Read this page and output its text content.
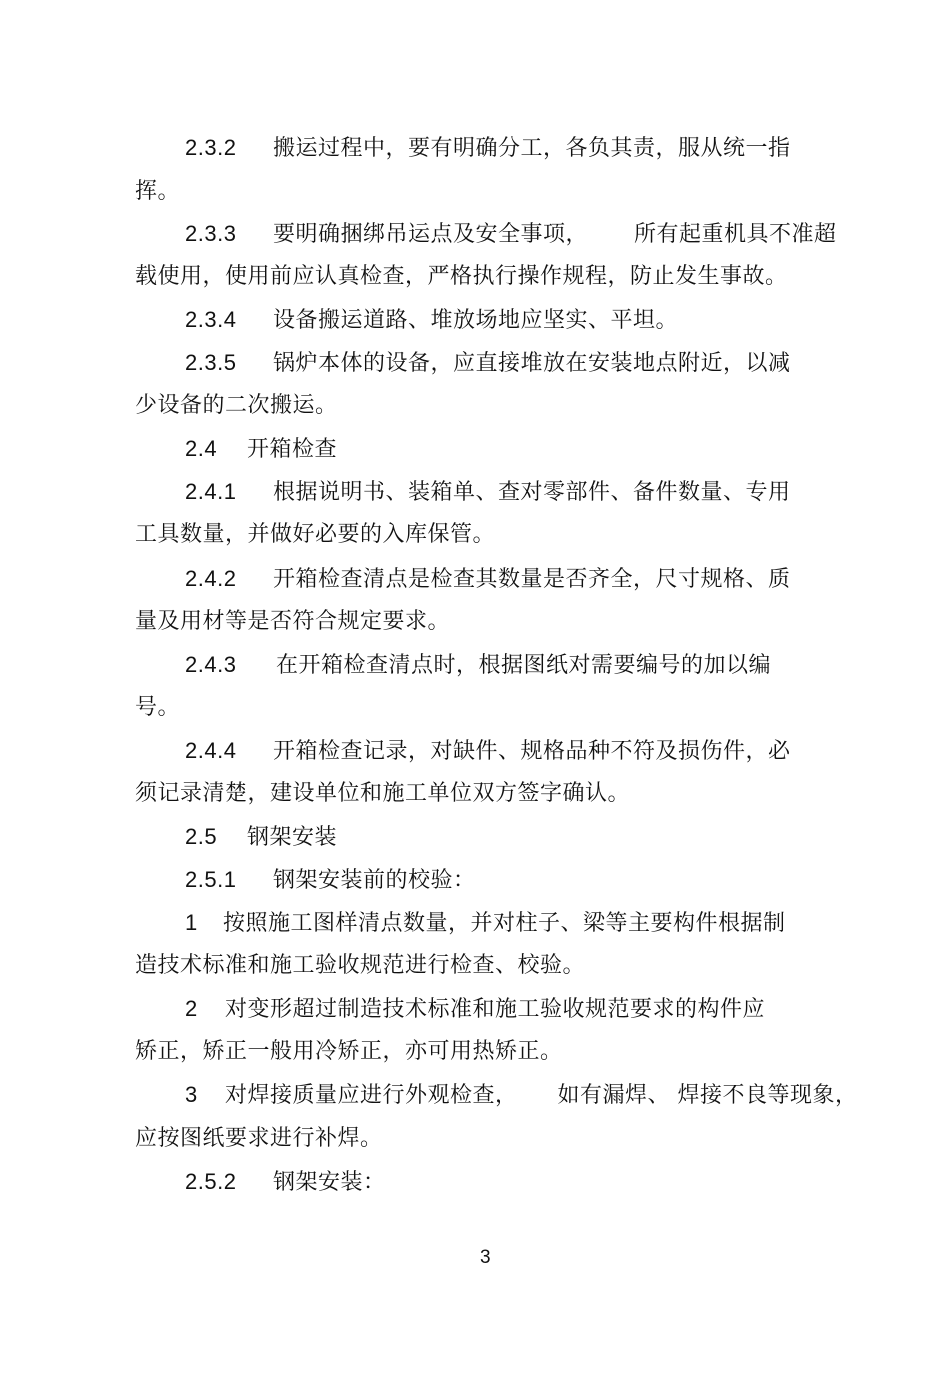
2.3.2 搬运过程中，要有明确分工，各负其责，服从统一指
挥。
2.3.3 要明确捆绑吊运点及安全事项， 所有起重机具不准超
载使用，使用前应认真检查，严格执行操作规程，防止发生事故。
2.3.4 设备搬运道路、堆放场地应坚实、平坦。
2.3.5 锅炉本体的设备，应直接堆放在安装地点附近，以减
少设备的二次搬运。
2.4 开箱检查
2.4.1 根据说明书、装箱单、查对零部件、备件数量、专用
工具数量，并做好必要的入库保管。
2.4.2 开箱检查清点是检查其数量是否齐全，尺寸规格、质
量及用材等是否符合规定要求。
2.4.3 在开箱检查清点时，根据图纸对需要编号的加以编
号。
2.4.4 开箱检查记录，对缺件、规格品种不符及损伤件，必
须记录清楚，建设单位和施工单位双方签字确认。
2.5 钢架安装
2.5.1 钢架安装前的校验：
1 按照施工图样清点数量，并对柱子、梁等主要构件根据制
造技术标准和施工验收规范进行检查、校验。
2 对变形超过制造技术标准和施工验收规范要求的构件应
矫正，矫正一般用冷矫正，亦可用热矫正。
3 对焊接质量应进行外观检查， 如有漏焊、 焊接不良等现象，
应按图纸要求进行补焊。
2.5.2 钢架安装：
3
